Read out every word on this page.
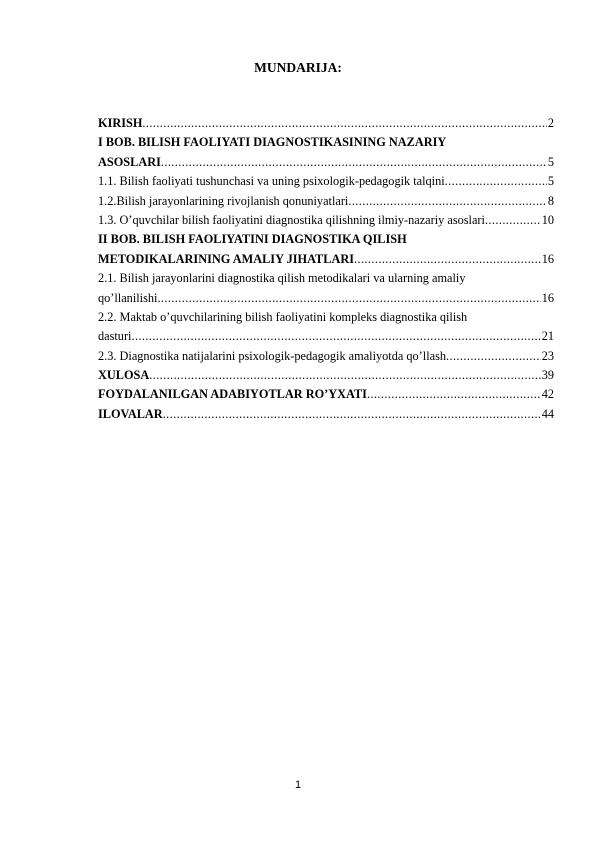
MUNDARIJA:
KIRISH .....	2
I BOB. BILISH FAOLIYATI DIAGNOSTIKASINING NAZARIY
ASOSLARI .....	5
1.1. Bilish faoliyati tushunchasi va uning psixologik-pedagogik talqini .....	5
1.2.Bilish jarayonlarining rivojlanish qonuniyatlari .....	8
1.3. O’quvchilar bilish faoliyatini diagnostika qilishning ilmiy-nazariy asoslari .....	10
II BOB. BILISH FAOLIYATINI DIAGNOSTIKA QILISH
METODIKALARINING AMALIY JIHATLARI .....	16
2.1. Bilish jarayonlarini diagnostika qilish metodikalari va ularning amaliy
qo’llanilishi .....	16
2.2. Maktab o’quvchilarining bilish faoliyatini kompleks diagnostika qilish
dasturi .....	21
2.3. Diagnostika natijalarini psixologik-pedagogik amaliyotda qo’llash .....	23
XULOSA .....	39
FOYDALANILGAN ADABIYOTLAR RO’YXATI .....	42
ILOVALAR .....	44
1
